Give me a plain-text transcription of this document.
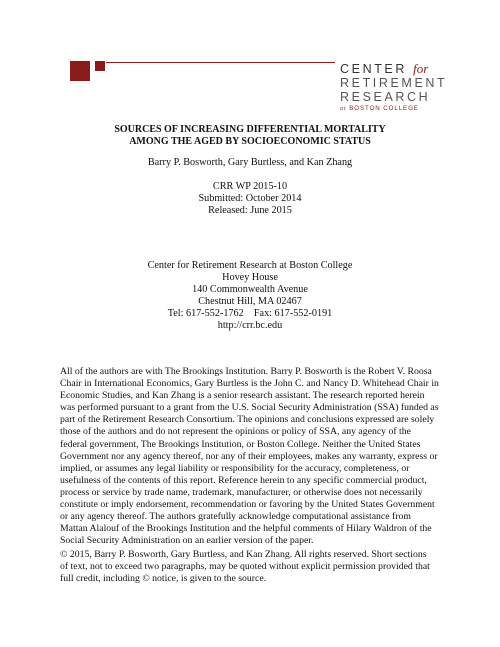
CENTER for
RETIREMENT
RESEARCH
at BOSTON COLLEGE
SOURCES OF INCREASING DIFFERENTIAL MORTALITY
AMONG THE AGED BY SOCIOECONOMIC STATUS
Barry P. Bosworth, Gary Burtless, and Kan Zhang
CRR WP 2015-10
Submitted: October 2014
Released: June 2015
Center for Retirement Research at Boston College
Hovey House
140 Commonwealth Avenue
Chestnut Hill, MA 02467
Tel: 617-552-1762    Fax: 617-552-0191
http://crr.bc.edu
All of the authors are with The Brookings Institution. Barry P. Bosworth is the Robert V. Roosa
Chair in International Economics, Gary Burtless is the John C. and Nancy D. Whitehead Chair in
Economic Studies, and Kan Zhang is a senior research assistant. The research reported herein
was performed pursuant to a grant from the U.S. Social Security Administration (SSA) funded as
part of the Retirement Research Consortium. The opinions and conclusions expressed are solely
those of the authors and do not represent the opinions or policy of SSA, any agency of the
federal government, The Brookings Institution, or Boston College. Neither the United States
Government nor any agency thereof, nor any of their employees, makes any warranty, express or
implied, or assumes any legal liability or responsibility for the accuracy, completeness, or
usefulness of the contents of this report. Reference herein to any specific commercial product,
process or service by trade name, trademark, manufacturer, or otherwise does not necessarily
constitute or imply endorsement, recommendation or favoring by the United States Government
or any agency thereof. The authors gratefully acknowledge computational assistance from
Mattan Alalouf of the Brookings Institution and the helpful comments of Hilary Waldron of the
Social Security Administration on an earlier version of the paper.
© 2015, Barry P. Bosworth, Gary Burtless, and Kan Zhang. All rights reserved. Short sections
of text, not to exceed two paragraphs, may be quoted without explicit permission provided that
full credit, including © notice, is given to the source.
